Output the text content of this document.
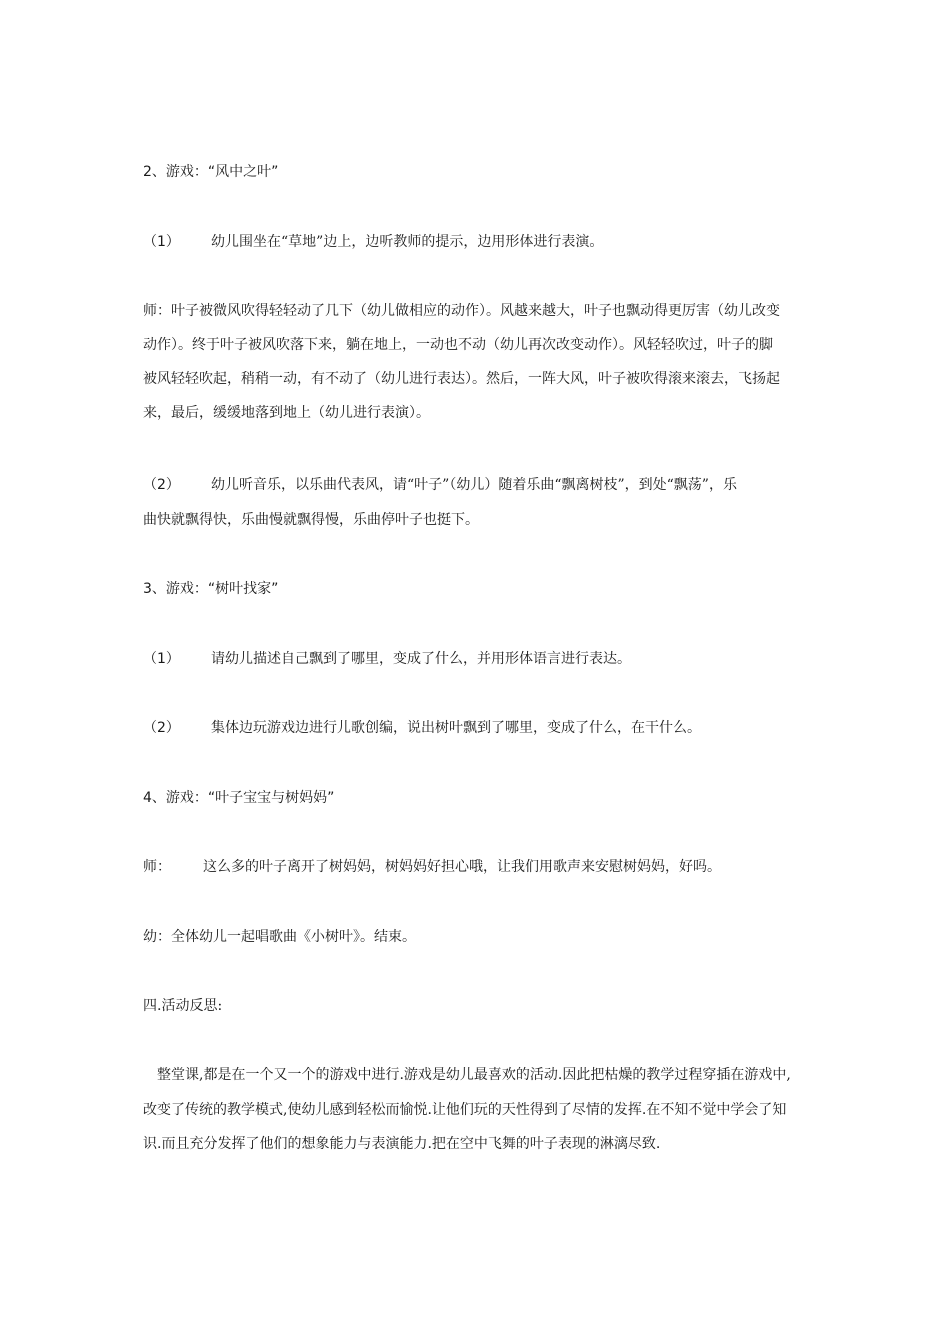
2、游戏：“风中之叶”
（1） 幼儿围坐在“草地”边上，边听教师的提示，边用形体进行表演。
师：叶子被微风吹得轻轻动了几下（幼儿做相应的动作）。风越来越大，叶子也飘动得更厉害（幼儿改变
动作）。终于叶子被风吹落下来，躺在地上，一动也不动（幼儿再次改变动作）。风轻轻吹过，叶子的脚
被风轻轻吹起，稍稍一动，有不动了（幼儿进行表达）。然后，一阵大风，叶子被吹得滚来滚去，飞扬起
来，最后，缓缓地落到地上（幼儿进行表演）。
（2） 幼儿听音乐，以乐曲代表风，请“叶子”（幼儿）随着乐曲“飘离树枝”，到处“飘荡”，乐
曲快就飘得快，乐曲慢就飘得慢，乐曲停叶子也挺下。
3、游戏：“树叶找家”
（1） 请幼儿描述自己飘到了哪里，变成了什么，并用形体语言进行表达。
（2） 集体边玩游戏边进行儿歌创编，说出树叶飘到了哪里，变成了什么，在干什么。
4、游戏：“叶子宝宝与树妈妈”
师： 这么多的叶子离开了树妈妈，树妈妈好担心哦，让我们用歌声来安慰树妈妈，好吗。
幼：全体幼儿一起唱歌曲《小树叶》。结束。
四.活动反思:
　整堂课,都是在一个又一个的游戏中进行.游戏是幼儿最喜欢的活动.因此把枯燥的教学过程穿插在游戏中,
改变了传统的教学模式,使幼儿感到轻松而愉悦.让他们玩的天性得到了尽情的发挥.在不知不觉中学会了知
识.而且充分发挥了他们的想象能力与表演能力.把在空中飞舞的叶子表现的淋漓尽致.
